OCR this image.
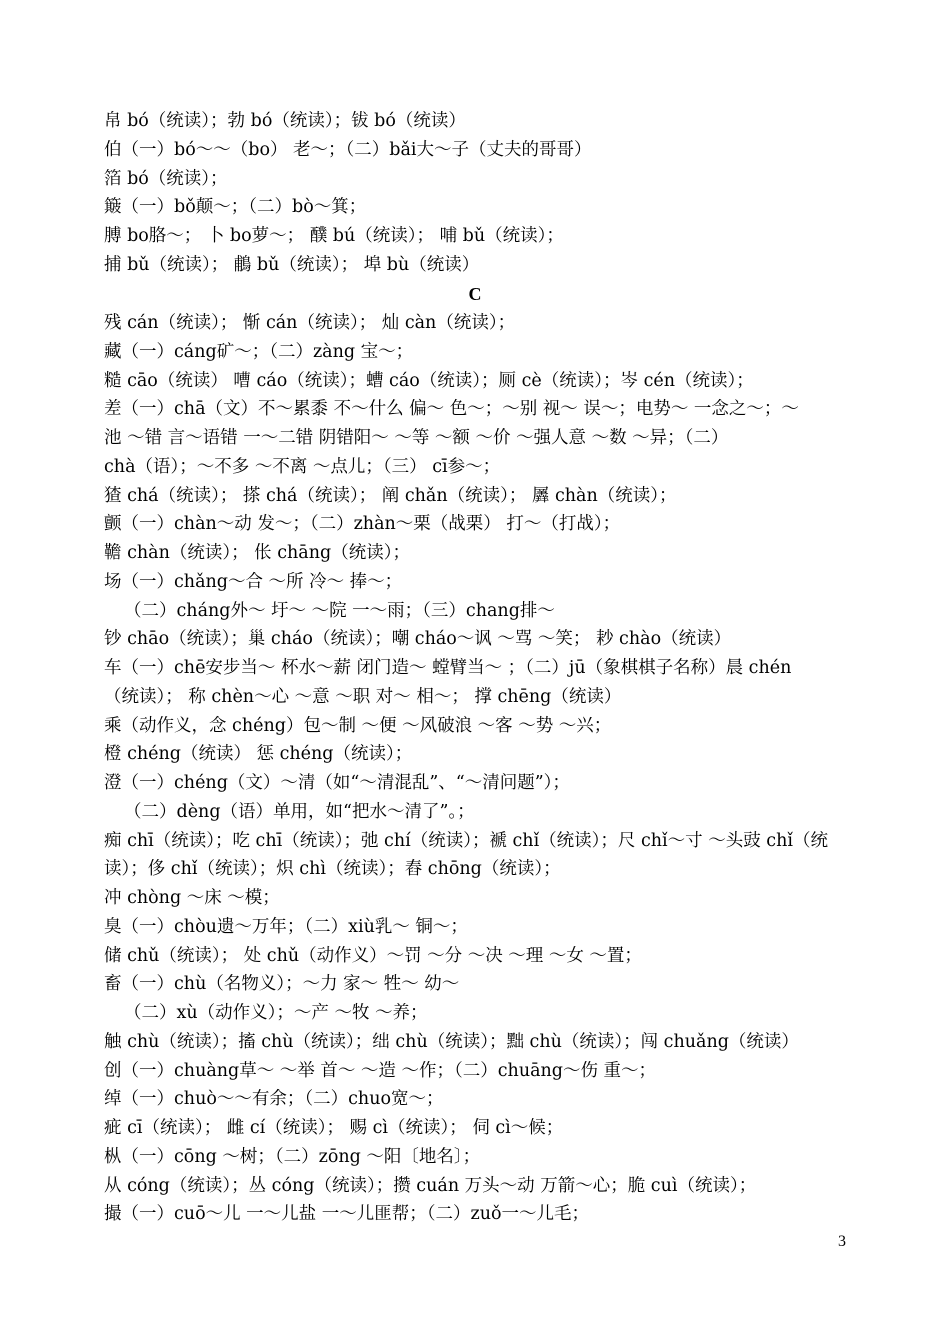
帛 bó（统读）；勃 bó（统读）；钹 bó（统读）
伯（一）bó～～（bo） 老～；（二）bǎi大～子（丈夫的哥哥）
箔 bó（统读）；
簸（一）bǒ颠～；（二）bò～箕；
膊 bo胳～； 卜 bo萝～； 醭 bú（统读）； 哺 bǔ（统读）；
捕 bǔ（统读）； 鵏 bǔ（统读）； 埠 bù（统读）
C
残 cán（统读）； 惭 cán（统读）； 灿 càn（统读）；
藏（一）cáng矿～；（二）zàng 宝～；
糙 cāo（统读） 嘈 cáo（统读）；螬 cáo（统读）；厕 cè（统读）；岑 cén（统读）；
差（一）chā（文）不～累黍 不～什么 偏～ 色～；～别 视～ 误～；电势～ 一念之～；～
池 ～错 言～语错 一～二错 阴错阳～ ～等 ～额 ～价 ～强人意 ～数 ～异；（二）
chà（语）；～不多 ～不离 ～点儿；（三） cī参～；
猹 chá（统读）； 搽 chá（统读）； 阐 chǎn（统读）； 羼 chàn（统读）；
颤（一）chàn～动 发～；（二）zhàn～栗（战栗） 打～（打战）；
韂 chàn（统读）； 伥 chāng（统读）；
场（一）chǎng～合 ～所 冷～ 捧～；
（二）cháng外～ 圩～ ～院 一～雨；（三）chang排～
钞 chāo（统读）；巢 cháo（统读）；嘲 cháo～讽 ～骂 ～笑； 耖 chào（统读）
车（一）chē安步当～ 杯水～薪 闭门造～ 螳臂当～ ；（二）jū（象棋棋子名称）晨 chén
（统读）； 称 chèn～心 ～意 ～职 对～ 相～； 撑 chēng（统读）
乘（动作义，念 chéng）包～制 ～便 ～风破浪 ～客 ～势 ～兴；
橙 chéng（统读） 惩 chéng（统读）；
澄（一）chéng（文）～清（如“～清混乱”、“～清问题”）；
（二）dèng（语）单用，如“把水～清了”。；
痴 chī（统读）；吃 chī（统读）；弛 chí（统读）；褫 chǐ（统读）；尺 chǐ～寸 ～头豉 chǐ（统
读）；侈 chǐ（统读）；炽 chì（统读）；舂 chōng（统读）；
冲 chòng ～床 ～模；
臭（一）chòu遗～万年；（二）xiù乳～ 铜～；
储 chǔ（统读）； 处 chǔ（动作义）～罚 ～分 ～决 ～理 ～女 ～置；
畜（一）chù（名物义）；～力 家～ 牲～ 幼～
（二）xù（动作义）；～产 ～牧 ～养；
触 chù（统读）；搐 chù（统读）；绌 chù（统读）；黜 chù（统读）；闯 chuǎng（统读）
创（一）chuàng草～ ～举 首～ ～造 ～作；（二）chuāng～伤 重～；
绰（一）chuò～～有余；（二）chuo宽～；
疵 cī（统读）； 雌 cí（统读）； 赐 cì（统读）； 伺 cì～候；
枞（一）cōng ～树；（二）zōng ～阳〔地名〕；
从 cóng（统读）；丛 cóng（统读）；攒 cuán 万头～动 万箭～心；脆 cuì（统读）；
撮（一）cuō～儿 一～儿盐 一～儿匪帮；（二）zuǒ一～儿毛；
3
